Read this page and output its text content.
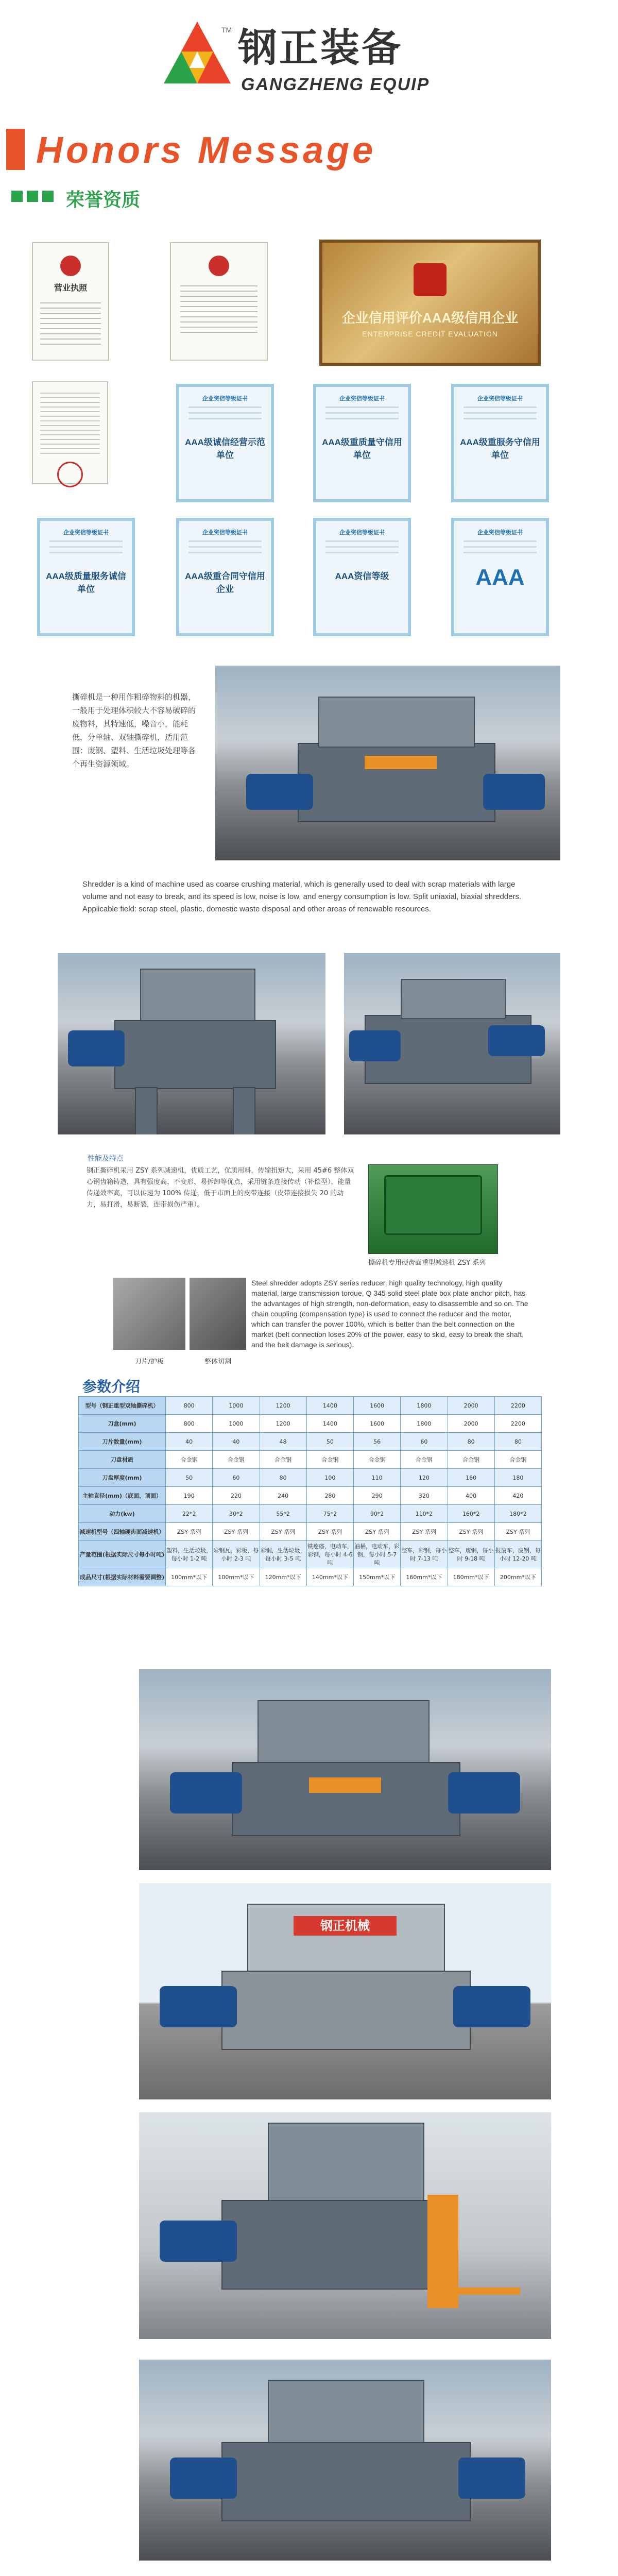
TM 钢正装备
GANGZHENG EQUIP
Honors Message
荣誉资质
营业执照
企业信用评价AAA级信用企业
ENTERPRISE CREDIT EVALUATION
企业资信等级证书
AAA级诚信经营示范单位
企业资信等级证书
AAA级重质量守信用单位
企业资信等级证书
AAA级重服务守信用单位
企业资信等级证书
AAA级质量服务诚信单位
企业资信等级证书
AAA级重合同守信用企业
企业资信等级证书
AAA资信等级
企业资信等级证书
AAA
撕碎机是一种用作粗碎物料的机器，一般用于处理体积较大不容易破碎的废物料，其特速低，噪音小，能耗低，分单轴、双轴撕碎机，适用范围：废钢、塑料、生活垃圾处理等各个再生资源领域。
Shredder is a kind of machine used as coarse crushing material, which is generally used to deal with scrap materials with large volume and not easy to break, and its speed is low, noise is low, and energy consumption is low. Split uniaxial, biaxial shredders. Applicable field: scrap steel, plastic, domestic waste disposal and other areas of renewable resources.
性能及特点
钢正撕碎机采用 ZSY 系列减速机，优质工艺，优质用料，传输扭矩大，采用 45#6 整体双心钢齿箱铸造，具有强度高、不变形、易拆卸等优点，采用链条连接传动（补偿型），能量传递效率高，可以传递为 100% 传递，低于市面上的皮带连接（皮带连接损失 20 的动力，易打滑，易断裂，连带损伤严重）。
撕碎机专用硬齿面重型减速机 ZSY 系列
刀片/护板	整体切割
Steel shredder adopts ZSY series reducer, high quality technology, high quality material, large transmission torque, Q 345 solid steel plate box plate anchor pitch, has the advantages of high strength, non-deformation, easy to disassemble and so on. The chain coupling (compensation type) is used to connect the reducer and the motor, which can transfer the power 100%, which is better than the belt connection on the market (belt connection loses 20% of the power, easy to skid, easy to break the shaft, and the belt damage is serious).
参数介绍
型号（钢正重型双轴撕碎机）	800	1000	1200	1400	1600	1800	2000	2200
刀盒(mm)	800	1000	1200	1400	1600	1800	2000	2200
刀片数量(mm)	40	40	48	50	56	60	80	80
刀盘材质	合金钢	合金钢	合金钢	合金钢	合金钢	合金钢	合金钢	合金钢
刀盘厚度(mm)	50	60	80	100	110	120	160	180
主轴直径(mm)（底面、顶面）	190	220	240	280	290	320	400	420
动力(kw)	22*2	30*2	55*2	75*2	90*2	110*2	160*2	180*2
减速机型号（四轴硬齿面减速机）	ZSY 系列	ZSY 系列	ZSY 系列	ZSY 系列	ZSY 系列	ZSY 系列	ZSY 系列	ZSY 系列
产量范围(根据实际尺寸每小时吨)	塑料，生活垃圾，每小时 1-2 吨	彩钢瓦，彩板，每小时 2-3 吨	彩钢，生活垃圾，每小时 3-5 吨	铁疙瘩，电动车，彩钢，每小时 4-6 吨	油桶，电动车，彩钢，每小时 5-7 吨	整车，彩钢，每小时 7-13 吨	整车，废钢，每小时 9-18 吨	报废车，废钢，每小时 12-20 吨
成品尺寸(根据实际材料需要调整)	100mm*以下	100mm*以下	120mm*以下	140mm*以下	150mm*以下	160mm*以下	180mm*以下	200mm*以下
钢正机械
